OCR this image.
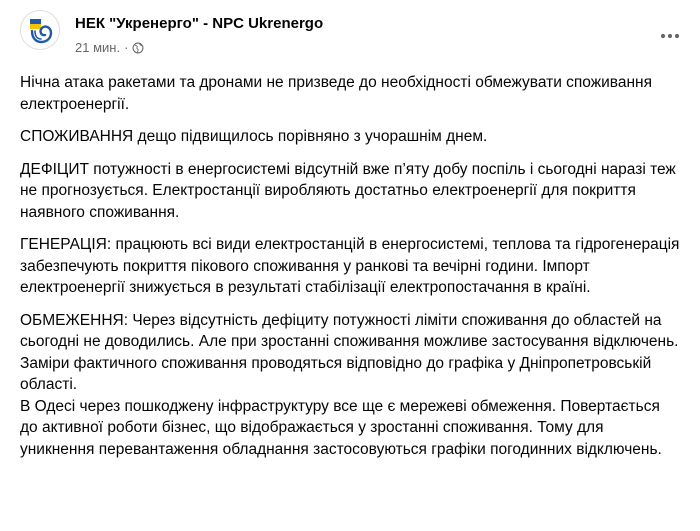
НЕК "Укренерго" - NPC Ukrenergo
21 мин. ·

Нічна атака ракетами та дронами не призведе до необхідності обмежувати споживання електроенергії.

СПОЖИВАННЯ дещо підвищилось порівняно з учорашнім днем.

ДЕФІЦИТ потужності в енергосистемі відсутній вже п’яту добу поспіль і сьогодні наразі теж не прогнозується. Електростанції виробляють достатньо електроенергії для покриття наявного споживання.

ГЕНЕРАЦІЯ: працюють всі види електростанцій в енергосистемі, теплова та гідрогенерація забезпечують покриття пікового споживання у ранкові та вечірні години. Імпорт електроенергії знижується в результаті стабілізації електропостачання в країні.

ОБМЕЖЕННЯ: Через відсутність дефіциту потужності ліміти споживання до областей на сьогодні не доводились. Але при зростанні споживання можливе застосування відключень. Заміри фактичного споживання проводяться відповідно до графіка у Дніпропетровській області.

В Одесі через пошкоджену інфраструктуру все ще є мережеві обмеження. Повертається до активної роботи бізнес, що відображається у зростанні споживання. Тому для уникнення перевантаження обладнання застосовуються графіки погодинних відключень.
